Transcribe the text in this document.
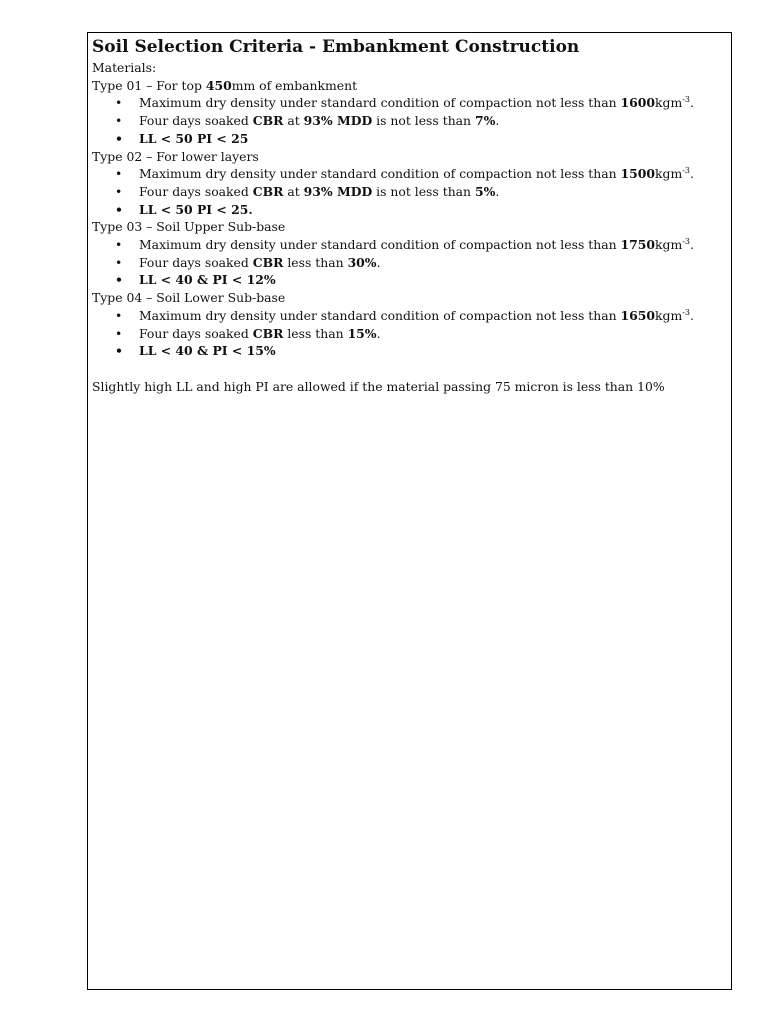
Soil Selection Criteria - Embankment Construction

Materials:

Type 01 – For top 450mm of embankment

• Maximum dry density under standard condition of compaction not less than 1600kgm$^{-3}$.
• Four days soaked CBR at 93% MDD is not less than 7%.
• LL < 50 PI < 25

Type 02 – For lower layers

• Maximum dry density under standard condition of compaction not less than 1500kgm$^{-3}$.
• Four days soaked CBR at 93% MDD is not less than 5%.
• LL < 50 PI < 25.

Type 03 – Soil Upper Sub-base

• Maximum dry density under standard condition of compaction not less than 1750kgm$^{-3}$.
• Four days soaked CBR less than 30%.
• LL < 40 & PI < 12%

Type 04 – Soil Lower Sub-base

• Maximum dry density under standard condition of compaction not less than 1650kgm$^{-3}$.
• Four days soaked CBR less than 15%.
• LL < 40 & PI < 15%

Slightly high LL and high PI are allowed if the material passing 75 micron is less than 10%
